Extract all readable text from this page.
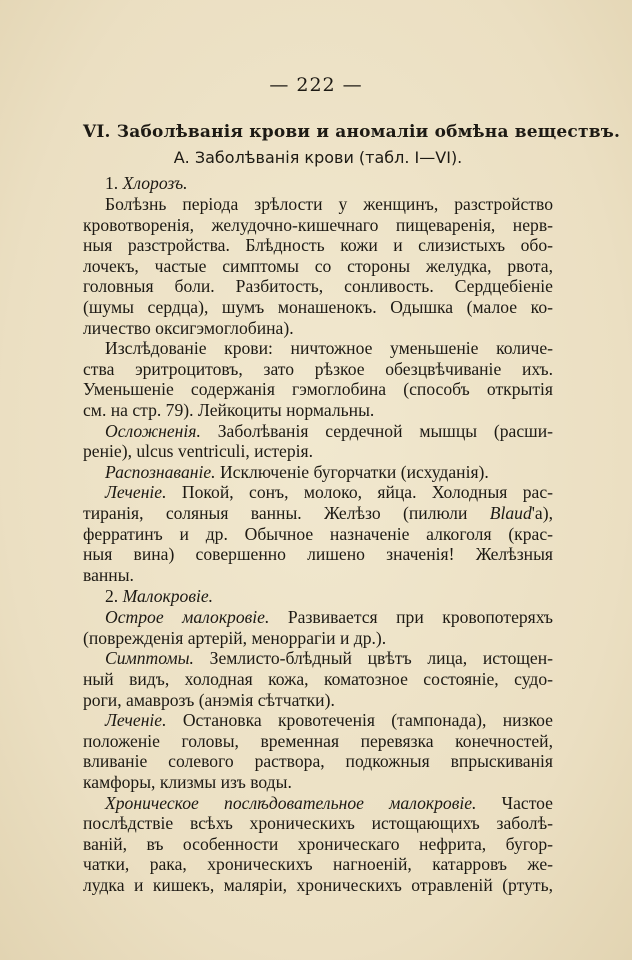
— 222 —
VI. Заболѣванія крови и аномаліи обмѣна веществъ.
А. Заболѣванія крови (табл. I—VI).
1. Хлорозъ.
Болѣзнь періода зрѣлости у женщинъ, разстройство
кровотворенія, желудочно-кишечнаго пищеваренія, нерв-
ныя разстройства. Блѣдность кожи и слизистыхъ обо-
лочекъ, частые симптомы со стороны желудка, рвота,
головныя боли. Разбитость, сонливость. Сердцебіеніе
(шумы сердца), шумъ монашенокъ. Одышка (малое ко-
личество оксигэмоглобина).
Изслѣдованіе крови: ничтожное уменьшеніе количе-
ства эритроцитовъ, зато рѣзкое обезцвѣчиваніе ихъ.
Уменьшеніе содержанія гэмоглобина (способъ открытія
см. на стр. 79). Лейкоциты нормальны.
Осложненія. Заболѣванія сердечной мышцы (расши-
реніе), ulcus ventriculi, истерія.
Распознаваніе. Исключеніе бугорчатки (исхуданія).
Леченіе. Покой, сонъ, молоко, яйца. Холодныя рас-
тиранія, соляныя ванны. Желѣзо (пилюли Blaud'а),
ферратинъ и др. Обычное назначеніе алкоголя (крас-
ныя вина) совершенно лишено значенія! Желѣзныя
ванны.
2. Малокровіе.
Острое малокровіе. Развивается при кровопотеряхъ
(поврежденія артерій, меноррагіи и др.).
Симптомы. Землисто-блѣдный цвѣтъ лица, истощен-
ный видъ, холодная кожа, коматозное состояніе, судо-
роги, амаврозъ (анэмія сѣтчатки).
Леченіе. Остановка кровотеченія (тампонада), низкое
положеніе головы, временная перевязка конечностей,
вливаніе солевого раствора, подкожныя впрыскиванія
камфоры, клизмы изъ воды.
Хроническое послѣдовательное малокровіе. Частое
послѣдствіе всѣхъ хроническихъ истощающихъ заболѣ-
ваній, въ особенности хроническаго нефрита, бугор-
чатки, рака, хроническихъ нагноеній, катарровъ же-
лудка и кишекъ, малярiи, хроническихъ отравленій (ртуть,
